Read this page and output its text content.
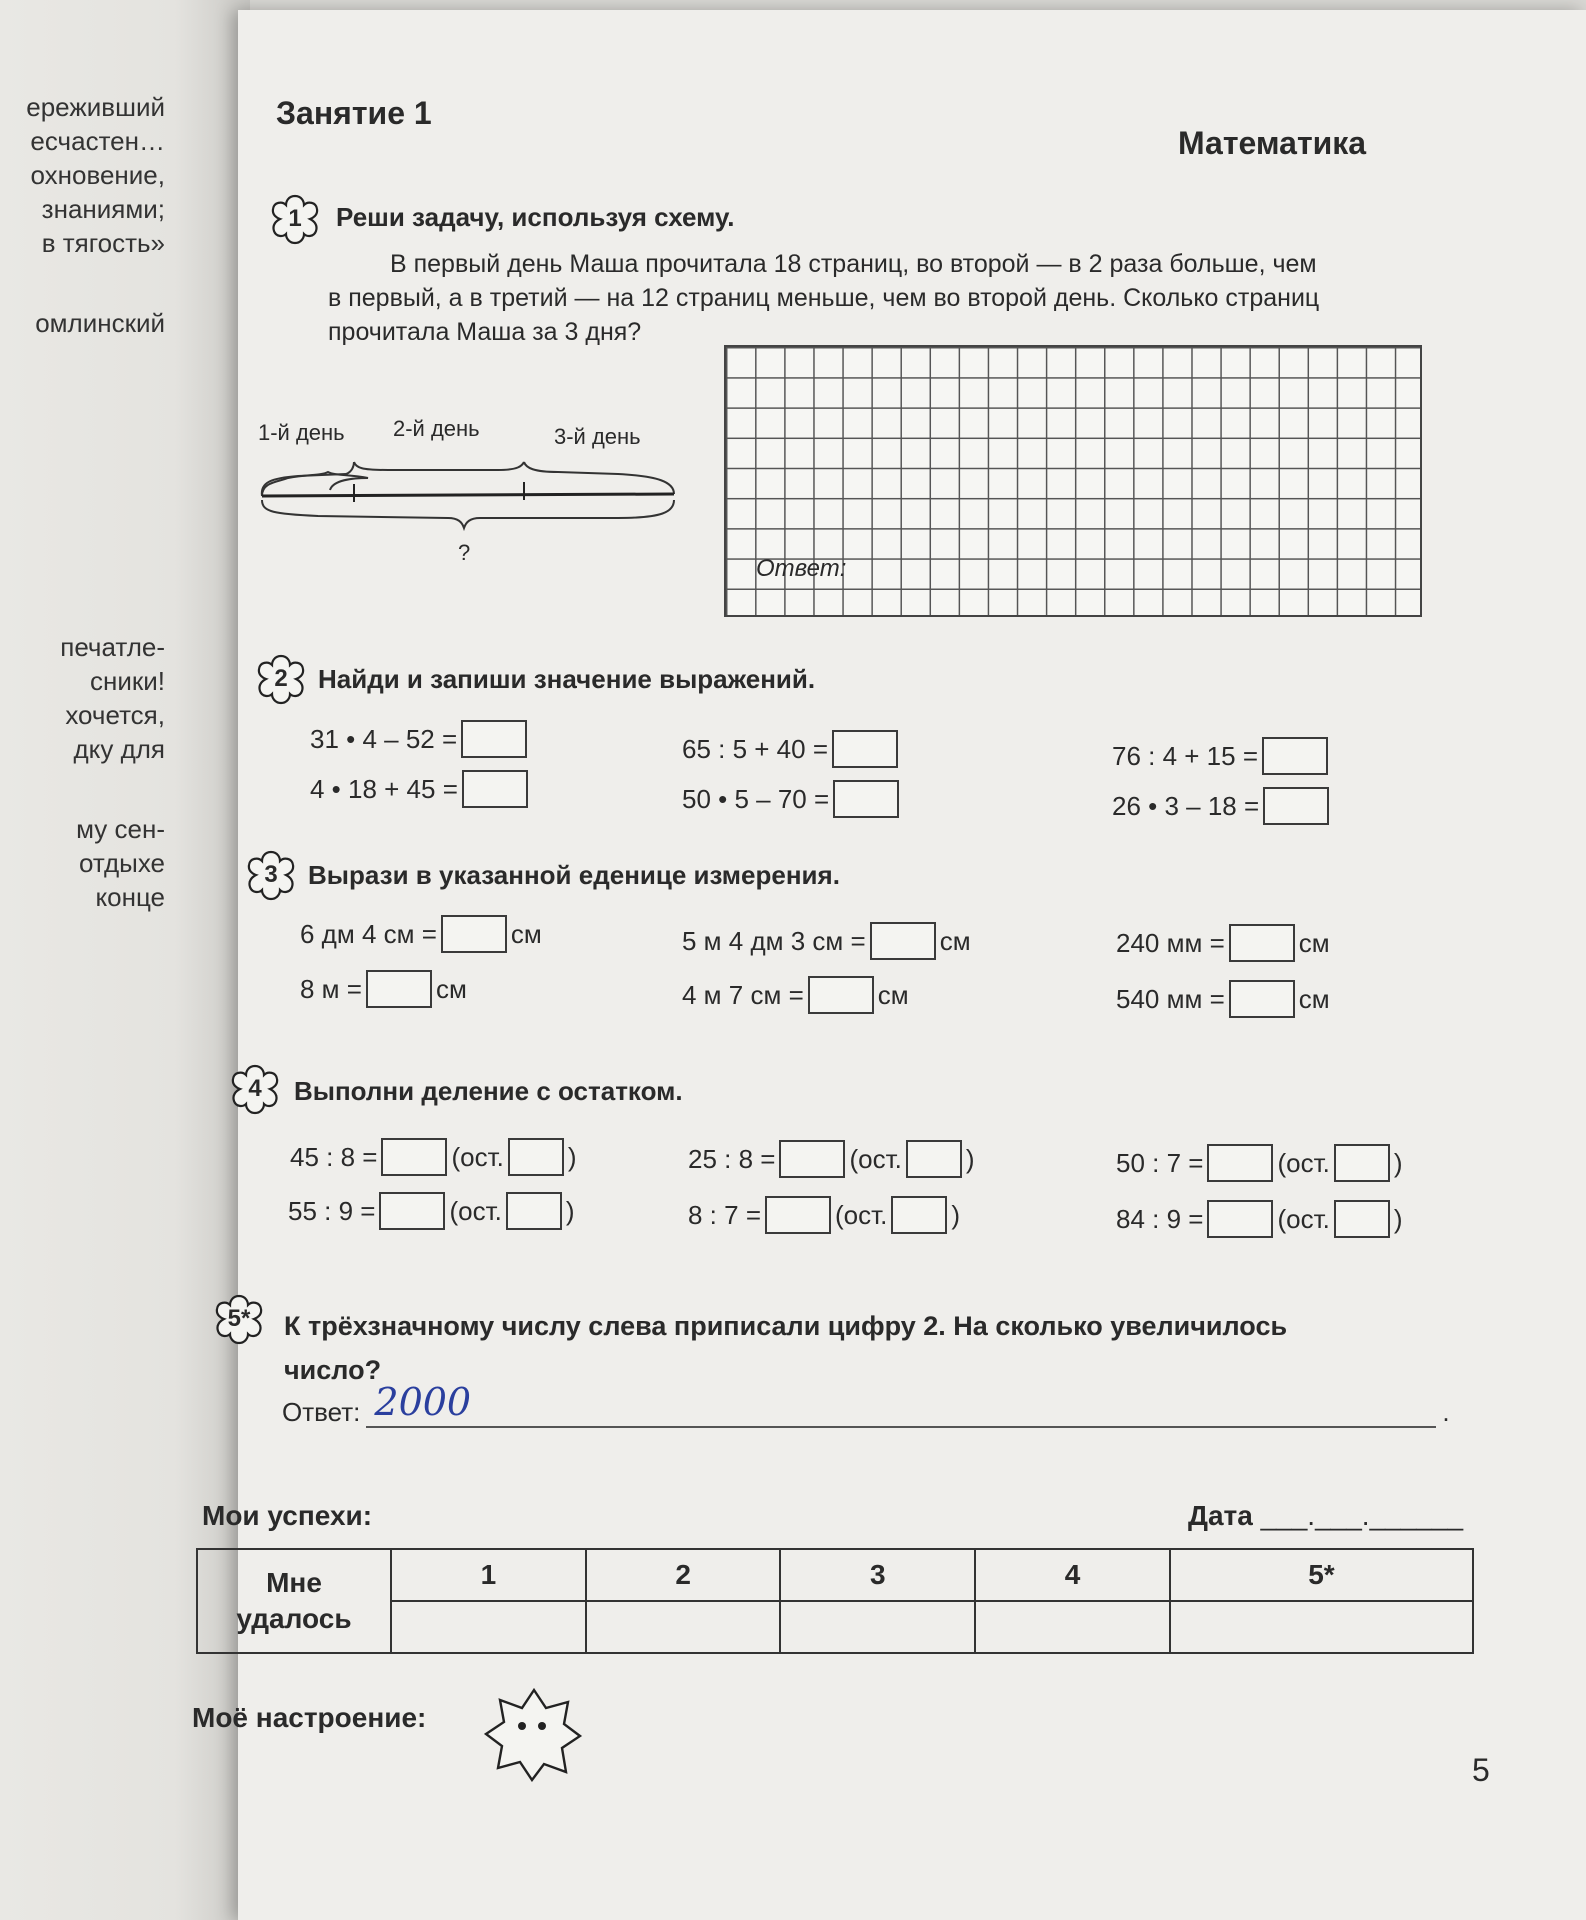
ереживший
есчастен…
охновение,
знаниями;
в тягость»
омлинский
печатле-
сники!
хочется,
дку для
му сен-
отдыхе
конце
Занятие 1
Математика
1	Реши задачу, используя схему.
В первый день Маша прочитала 18 страниц, во второй — в 2 раза больше, чем
в первый, а в третий — на 12 страниц меньше, чем во второй день. Сколько страниц
прочитала Маша за 3 дня?
1-й день 2-й день	3-й день
?
Ответ:
2	Найди и запиши значение выражений.
31 • 4 – 52 =
4 • 18 + 45 =
65 : 5 + 40 =
50 • 5 – 70 =
76 : 4 + 15 =
26 • 3 – 18 =
3	Вырази в указанной еденице измерения.
6 дм 4 см =	см
8 м =	см
5 м 4 дм 3 см =	см
4 м 7 см =	см
240 мм =	см
540 мм =	см
4	Выполни деление с остатком.
45 : 8 =	(ост. )
55 : 9 =	(ост. )
25 : 8 =	(ост. )
8 : 7 =	(ост. )
50 : 7 =	(ост. )
84 : 9 =	(ост. )
5*	К трёхзначному числу слева приписали цифру 2. На сколько увеличилось
число?
Ответ: 2000	.
Мои успехи:	Дата ___.___.______
Мне
удалось	1	2	3	4	5*

Моё настроение:
5
